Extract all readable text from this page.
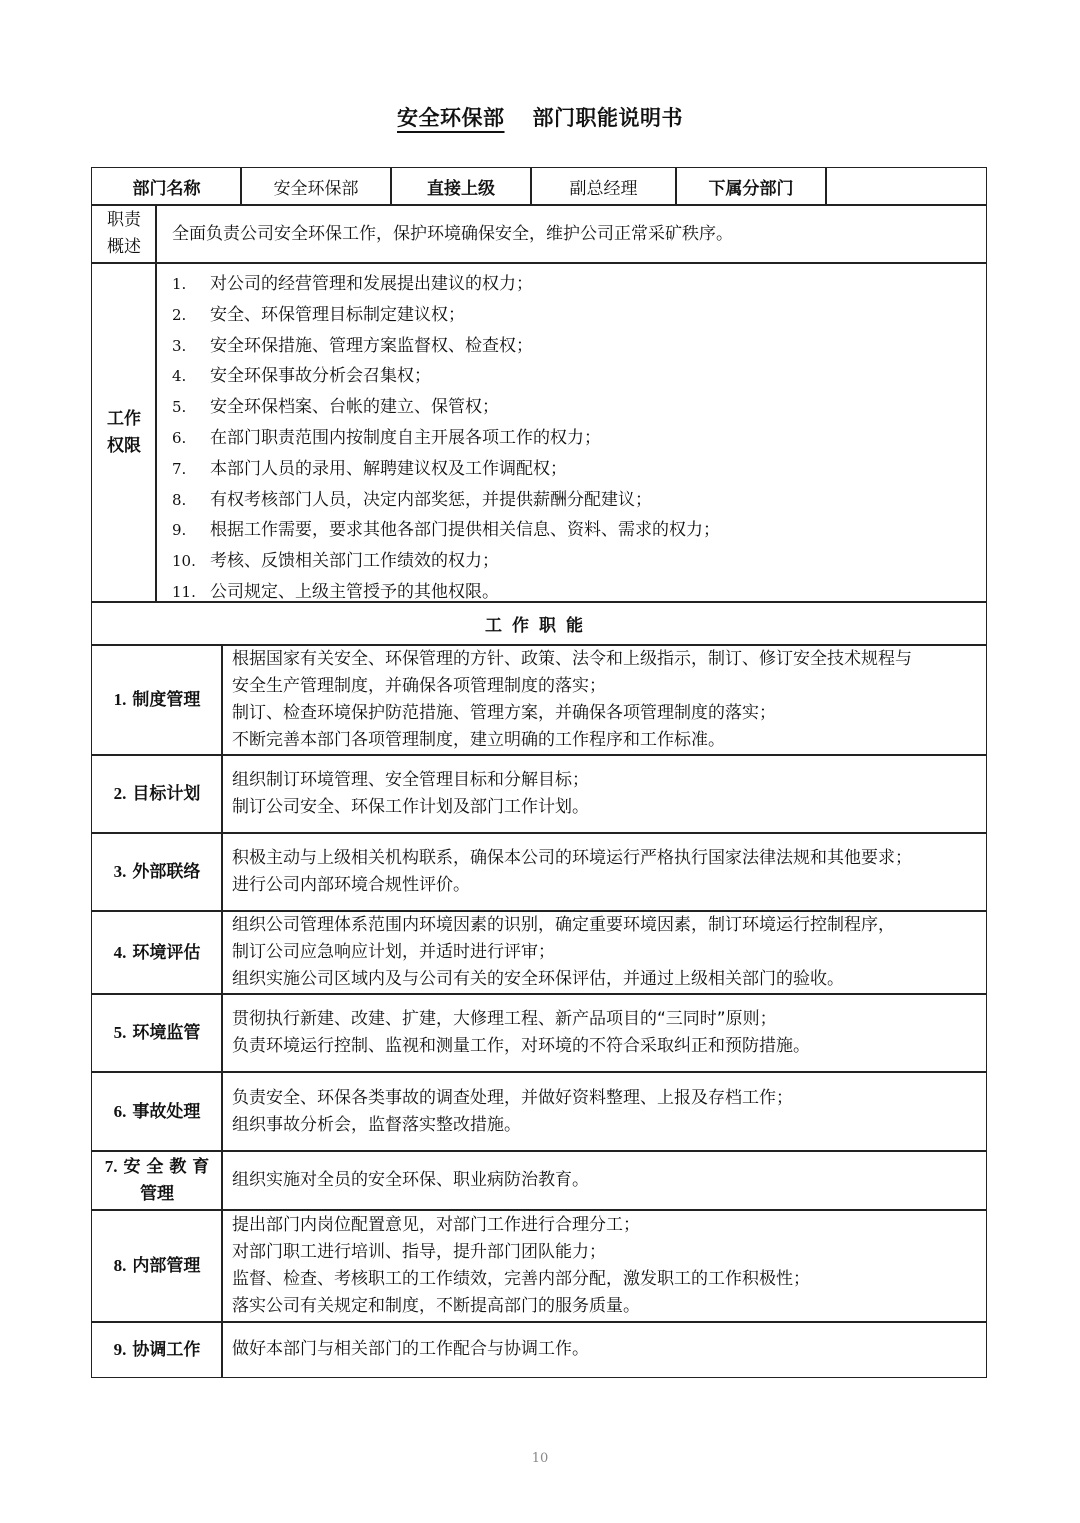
安全环保部 部门职能说明书
部门名称	安全环保部	直接上级	副总经理	下属分部门
职责
概述
全面负责公司安全环保工作，保护环境确保安全，维护公司正常采矿秩序。
工作
权限
1.	对公司的经营管理和发展提出建议的权力；
2.	安全、环保管理目标制定建议权；
3.	安全环保措施、管理方案监督权、检查权；
4.	安全环保事故分析会召集权；
5.	安全环保档案、台帐的建立、保管权；
6.	在部门职责范围内按制度自主开展各项工作的权力；
7.	本部门人员的录用、解聘建议权及工作调配权；
8.	有权考核部门人员，决定内部奖惩，并提供薪酬分配建议；
9.	根据工作需要，要求其他各部门提供相关信息、资料、需求的权力；
10. 考核、反馈相关部门工作绩效的权力；
11. 公司规定、上级主管授予的其他权限。
工作职能
1. 制度管理
根据国家有关安全、环保管理的方针、政策、法令和上级指示，制订、修订安全技术规程与
安全生产管理制度，并确保各项管理制度的落实；
制订、检查环境保护防范措施、管理方案，并确保各项管理制度的落实；
不断完善本部门各项管理制度，建立明确的工作程序和工作标准。
2. 目标计划
组织制订环境管理、安全管理目标和分解目标；
制订公司安全、环保工作计划及部门工作计划。
3. 外部联络
积极主动与上级相关机构联系，确保本公司的环境运行严格执行国家法律法规和其他要求；
进行公司内部环境合规性评价。
4. 环境评估
组织公司管理体系范围内环境因素的识别，确定重要环境因素，制订环境运行控制程序，
制订公司应急响应计划，并适时进行评审；
组织实施公司区域内及与公司有关的安全环保评估，并通过上级相关部门的验收。
5. 环境监管
贯彻执行新建、改建、扩建，大修理工程、新产品项目的“三同时”原则；
负责环境运行控制、监视和测量工作，对环境的不符合采取纠正和预防措施。
6. 事故处理
负责安全、环保各类事故的调查处理，并做好资料整理、上报及存档工作；
组织事故分析会，监督落实整改措施。
7. 安 全 教 育
管理
组织实施对全员的安全环保、职业病防治教育。
8. 内部管理
提出部门内岗位配置意见，对部门工作进行合理分工；
对部门职工进行培训、指导，提升部门团队能力；
监督、检查、考核职工的工作绩效，完善内部分配，激发职工的工作积极性；
落实公司有关规定和制度，不断提高部门的服务质量。
9. 协调工作 做好本部门与相关部门的工作配合与协调工作。
10
